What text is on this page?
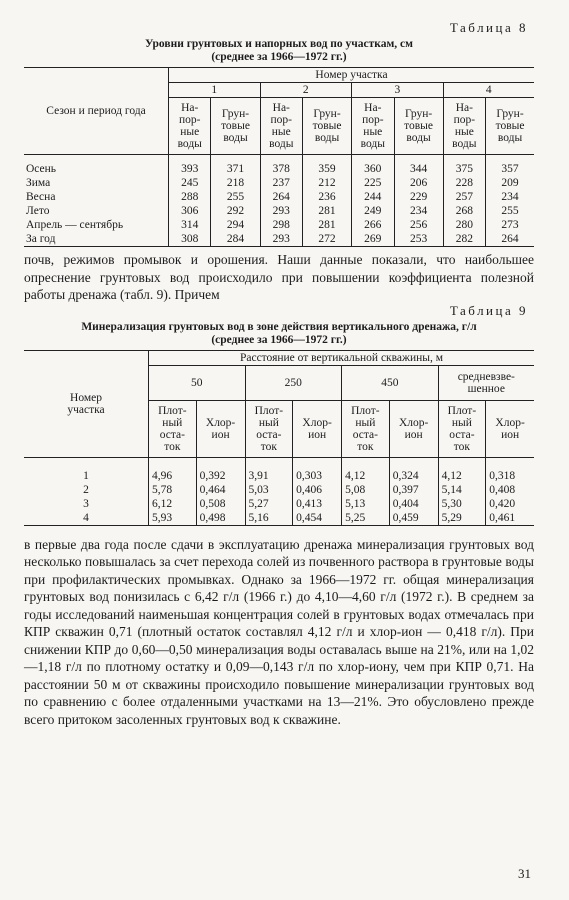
Таблица 8

Уровни грунтовых и напорных вод по участкам, см

(среднее за 1966—1972 гг.)

Сезон и период года	Номер участка							
	1		2		3		4	
	На-
пор-
ные
воды	Грун-
товые
воды	На-
пор-
ные
воды	Грун-
товые
воды	На-
пор-
ные
воды	Грун-
товые
воды	На-
пор-
ные
воды	Грун-
товые
воды
Осень	393	371	378	359	360	344	375	357
Зима	245	218	237	212	225	206	228	209
Весна	288	255	264	236	244	229	257	234
Лето	306	292	293	281	249	234	268	255
Апрель — сентябрь	314	294	298	281	266	256	280	273
За год	308	284	293	272	269	253	282	264

почв, режимов промывок и орошения. Наши данные показали, что наибольшее опреснение грунтовых вод происходило при повышении коэффициента полезной работы дренажа (табл. 9). Причем

Таблица 9

Минерализация грунтовых вод в зоне действия вертикального дренажа, г/л

(среднее за 1966—1972 гг.)

Номер
участка	Расстояние от вертикальной скважины, м							
	50		250		450		средневзве-
шенное	
	Плот-
ный
оста-
ток	Хлор-
ион	Плот-
ный
оста-
ток	Хлор-
ион	Плот-
ный
оста-
ток	Хлор-
ион	Плот-
ный
оста-
ток	Хлор-
ион
1	4,96	0,392	3,91	0,303	4,12	0,324	4,12	0,318
2	5,78	0,464	5,03	0,406	5,08	0,397	5,14	0,408
3	6,12	0,508	5,27	0,413	5,13	0,404	5,30	0,420
4	5,93	0,498	5,16	0,454	5,25	0,459	5,29	0,461

в первые два года после сдачи в эксплуатацию дренажа минерализация грунтовых вод несколько повышалась за счет перехода солей из почвенного раствора в грунтовые воды при профилактических промывках. Однако за 1966—1972 гг. общая минерализация грунтовых вод понизилась с 6,42 г/л (1966 г.) до 4,10—4,60 г/л (1972 г.). В среднем за годы исследований наименьшая концентрация солей в грунтовых водах отмечалась при КПР скважин 0,71 (плотный остаток составлял 4,12 г/л и хлор-ион — 0,418 г/л). При снижении КПР до 0,60—0,50 минерализация воды оставалась выше на 21%, или на 1,02—1,18 г/л по плотному остатку и 0,09—0,143 г/л по хлор-иону, чем при КПР 0,71. На расстоянии 50 м от скважины происходило повышение минерализации грунтовых вод по сравнению с более отдаленными участками на 13—21%. Это обусловлено прежде всего притоком засоленных грунтовых вод к скважине.

31
